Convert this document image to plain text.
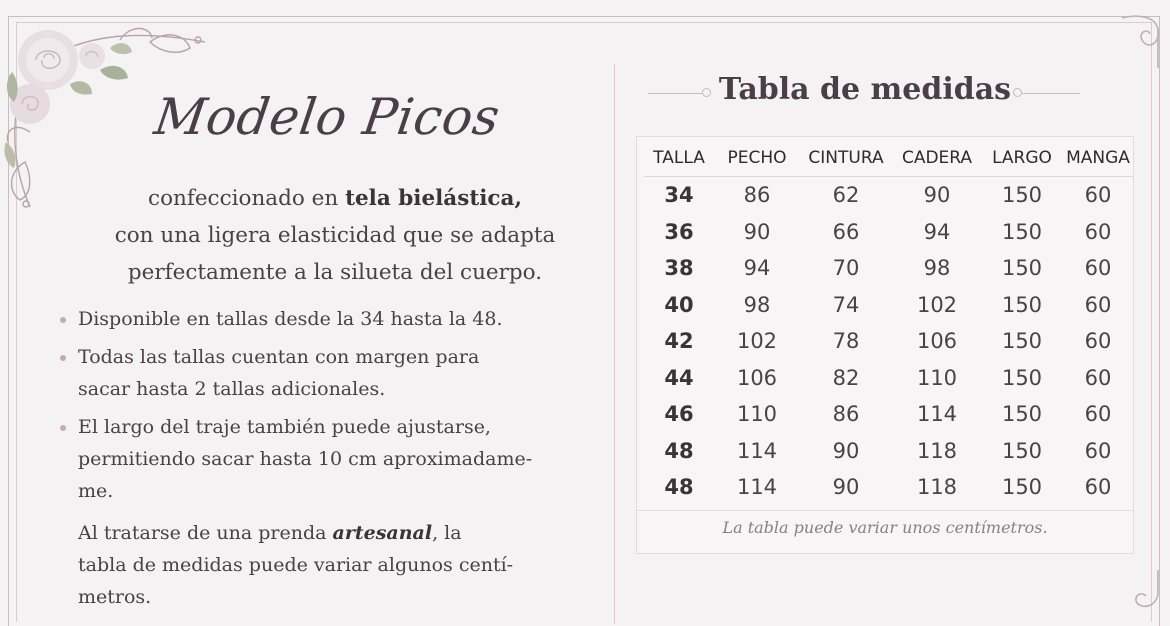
Modelo Picos
confeccionado en tela bielástica,
con una ligera elasticidad que se adapta
perfectamente a la silueta del cuerpo.
Disponible en tallas desde la 34 hasta la 48.
Todas las tallas cuentan con margen para
sacar hasta 2 tallas adicionales.
El largo del traje también puede ajustarse,
permitiendo sacar hasta 10 cm aproximadame-
me.
Al tratarse de una prenda artesanal, la
tabla de medidas puede variar algunos centí-
metros.
Tabla de medidas
TALLA	PECHO	CINTURA	CADERA	LARGO	MANGA
34	86	62	90	150	60
36	90	66	94	150	60
38	94	70	98	150	60
40	98	74	102	150	60
42	102	78	106	150	60
44	106	82	110	150	60
46	110	86	114	150	60
48	114	90	118	150	60
48	114	90	118	150	60
La tabla puede variar unos centímetros.
